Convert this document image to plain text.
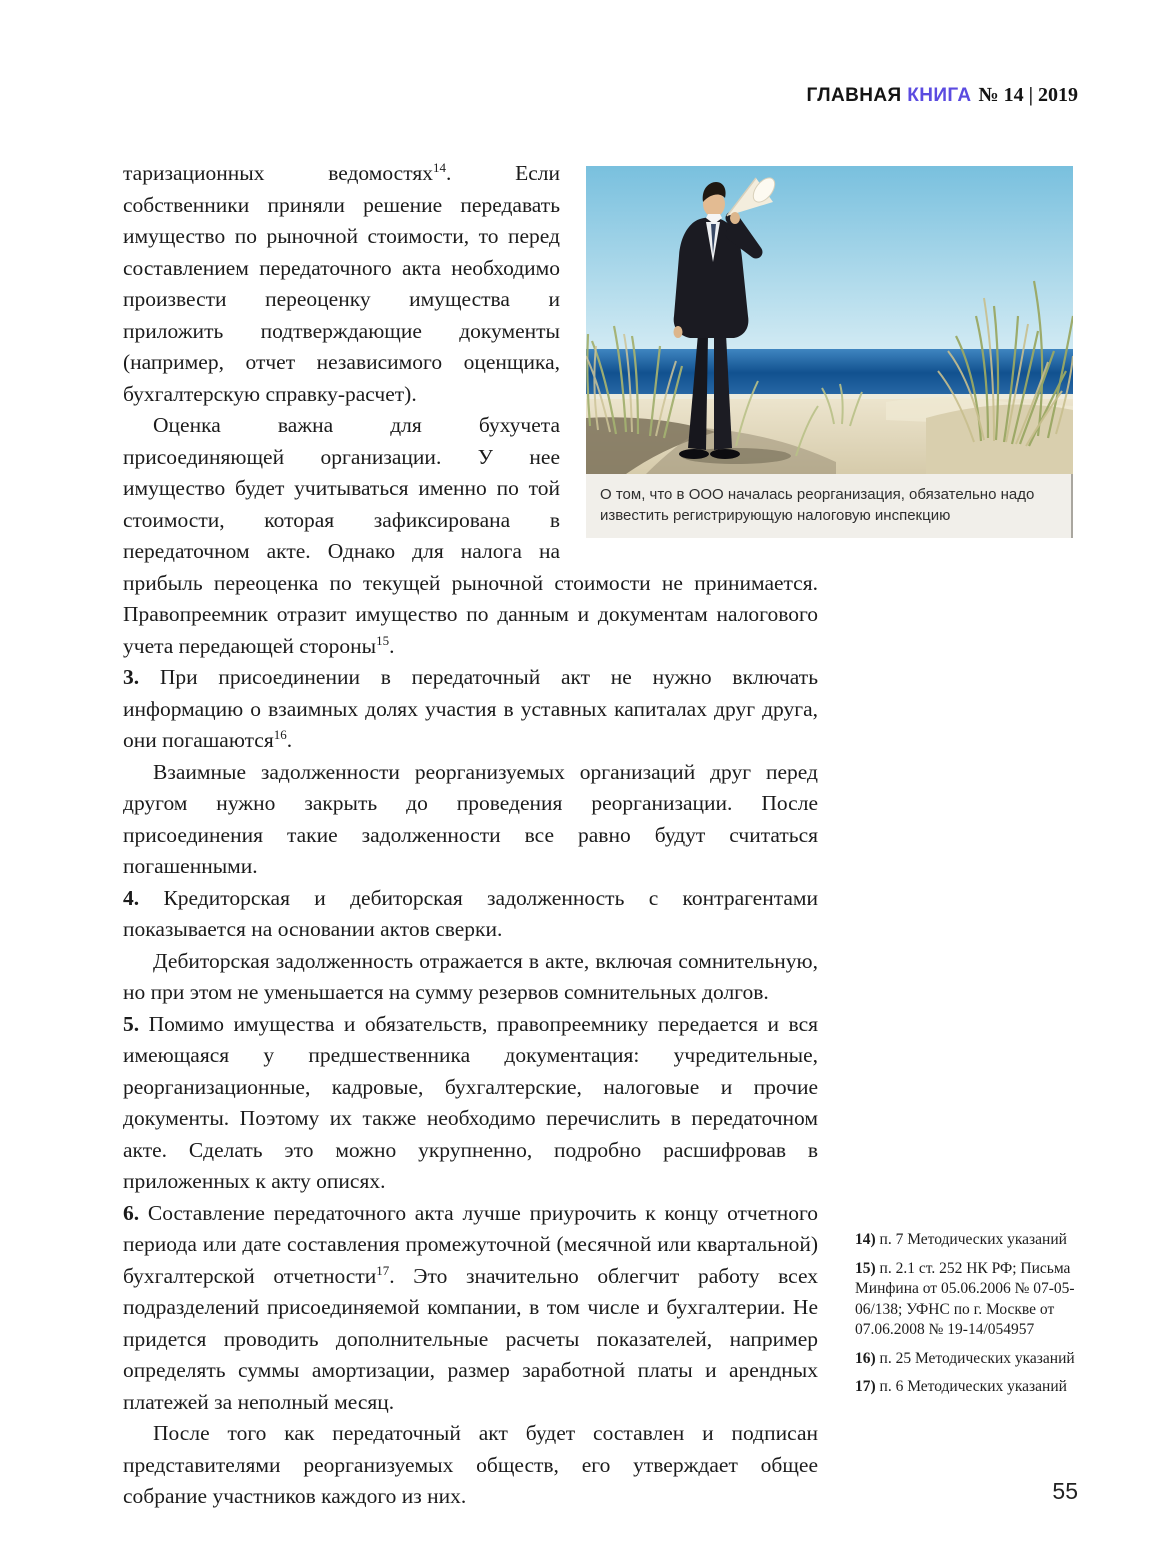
ГЛАВНАЯ КНИГА № 14 | 2019
О том, что в ООО началась реорганизация, обязательно надо известить регистрирующую налоговую инспекцию

таризационных ведомостях$^{14}$. Если собственники приняли решение передавать имущество по рыночной стоимости, то перед составлением передаточного акта необходимо произвести переоценку имущества и приложить подтверждающие документы (например, отчет независимого оценщика, бухгалтерскую справку-расчет).

Оценка важна для бухучета присоединяющей организации. У нее имущество будет учитываться именно по той стоимости, которая зафиксирована в передаточном акте. Однако для налога на прибыль переоценка по текущей рыночной стоимости не принимается. Правопреемник отразит имущество по данным и документам налогового учета передающей стороны$^{15}$.

3. При присоединении в передаточный акт не нужно включать информацию о взаимных долях участия в уставных капиталах друг друга, они погашаются$^{16}$.

Взаимные задолженности реорганизуемых организаций друг перед другом нужно закрыть до проведения реорганизации. После присоединения такие задолженности все равно будут считаться погашенными.

4. Кредиторская и дебиторская задолженность с контрагентами показывается на основании актов сверки.

Дебиторская задолженность отражается в акте, включая сомнительную, но при этом не уменьшается на сумму резервов сомнительных долгов.

5. Помимо имущества и обязательств, правопреемнику передается и вся имеющаяся у предшественника документация: учредительные, реорганизационные, кадровые, бухгалтерские, налоговые и прочие документы. Поэтому их также необходимо перечислить в передаточном акте. Сделать это можно укрупненно, подробно расшифровав в приложенных к акту описях.

6. Составление передаточного акта лучше приурочить к концу отчетного периода или дате составления промежуточной (месячной или квартальной) бухгалтерской отчетности$^{17}$. Это значительно облегчит работу всех подразделений присоединяемой компании, в том числе и бухгалтерии. Не придется проводить дополнительные расчеты показателей, например определять суммы амортизации, размер заработной платы и арендных платежей за неполный месяц.

После того как передаточный акт будет составлен и подписан представителями реорганизуемых обществ, его утверждает общее собрание участников каждого из них.

14) п. 7 Методических указаний

15) п. 2.1 ст. 252 НК РФ; Письма Минфина от 05.06.2006 № 07-05-06/138; УФНС по г. Москве от 07.06.2008 № 19-14/054957

16) п. 25 Методических указаний

17) п. 6 Методических указаний

55
